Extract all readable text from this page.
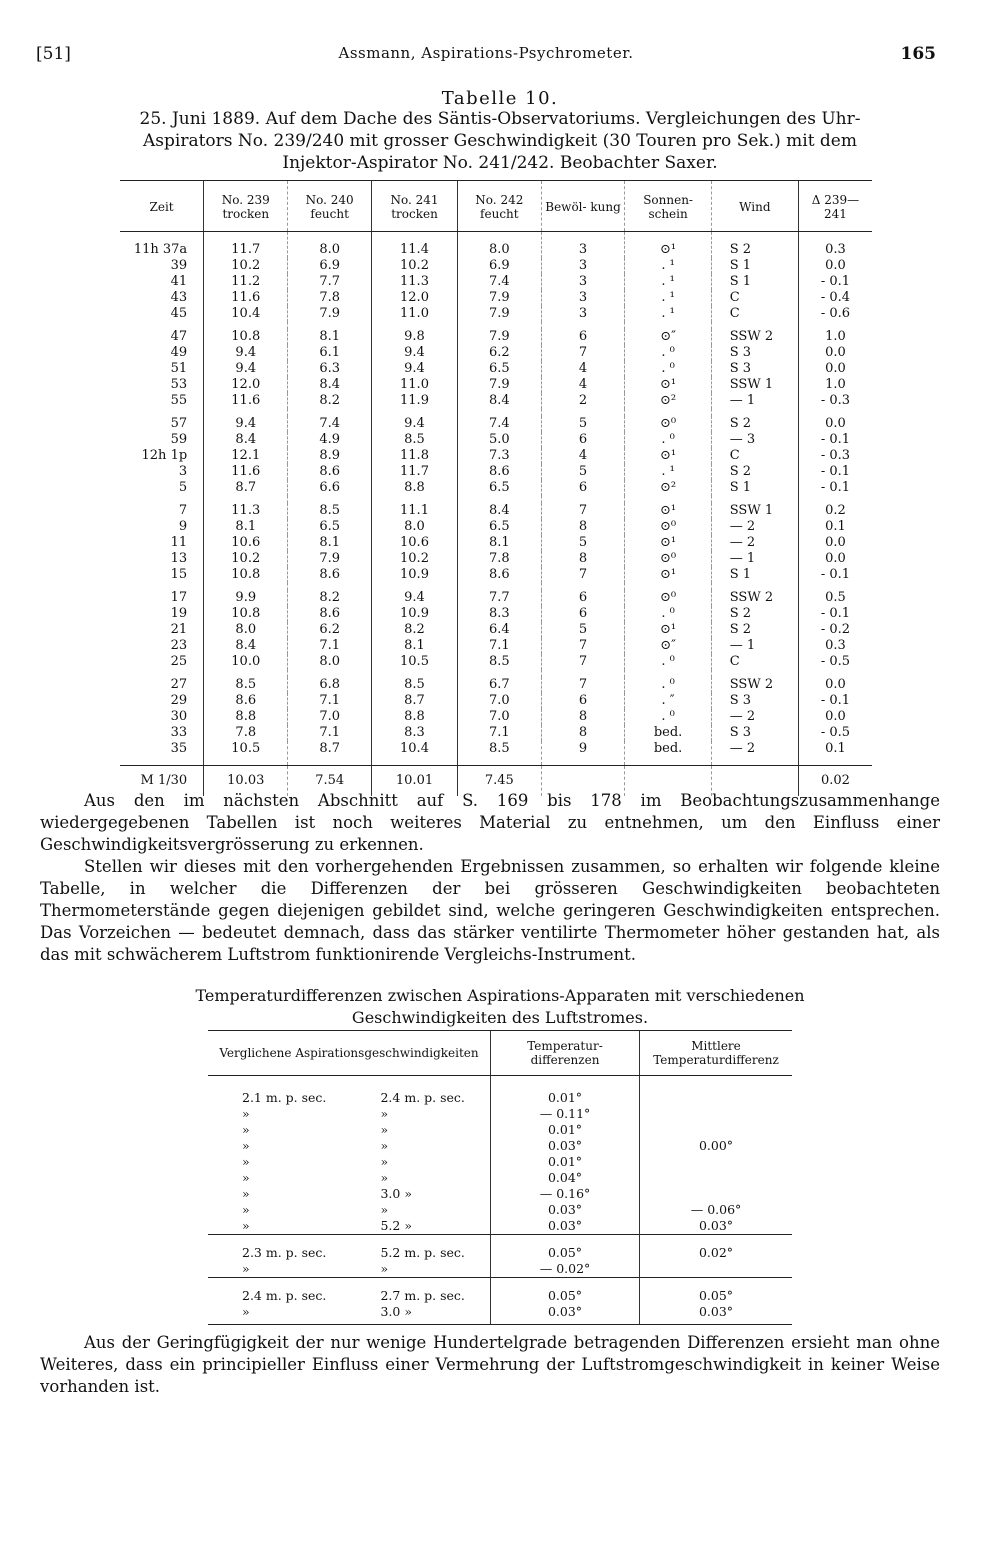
[51]	Assmann, Aspirations-Psychrometer.	165
Tabelle 10.
25. Juni 1889. Auf dem Dache des Säntis-Observatoriums. Vergleichungen des Uhr-Aspirators No. 239/240 mit grosser Geschwindigkeit (30 Touren pro Sek.) mit dem Injektor-Aspirator No. 241/242. Beobachter Saxer.
Zeit	No. 239 trocken	No. 240 feucht	No. 241 trocken	No. 242 feucht	Bewöl- kung	Sonnen- schein	Wind	Δ 239—241
11h 37a	11.7	8.0	11.4	8.0	3	⊙¹	S 2	0.3
39	10.2	6.9	10.2	6.9	3	. ¹	S 1	0.0
41	11.2	7.7	11.3	7.4	3	. ¹	S 1	- 0.1
43	11.6	7.8	12.0	7.9	3	. ¹	C	- 0.4
45	10.4	7.9	11.0	7.9	3	. ¹	C	- 0.6

47	10.8	8.1	9.8	7.9	6	⊙″	SSW 2	1.0
49	9.4	6.1	9.4	6.2	7	. ⁰	S 3	0.0
51	9.4	6.3	9.4	6.5	4	. ⁰	S 3	0.0
53	12.0	8.4	11.0	7.9	4	⊙¹	SSW 1	1.0
55	11.6	8.2	11.9	8.4	2	⊙²	— 1	- 0.3

57	9.4	7.4	9.4	7.4	5	⊙⁰	S 2	0.0
59	8.4	4.9	8.5	5.0	6	. ⁰	— 3	- 0.1
12h 1p	12.1	8.9	11.8	7.3	4	⊙¹	C	- 0.3
3	11.6	8.6	11.7	8.6	5	. ¹	S 2	- 0.1
5	8.7	6.6	8.8	6.5	6	⊙²	S 1	- 0.1

7	11.3	8.5	11.1	8.4	7	⊙¹	SSW 1	0.2
9	8.1	6.5	8.0	6.5	8	⊙⁰	— 2	0.1
11	10.6	8.1	10.6	8.1	5	⊙¹	— 2	0.0
13	10.2	7.9	10.2	7.8	8	⊙⁰	— 1	0.0
15	10.8	8.6	10.9	8.6	7	⊙¹	S 1	- 0.1

17	9.9	8.2	9.4	7.7	6	⊙⁰	SSW 2	0.5
19	10.8	8.6	10.9	8.3	6	. ⁰	S 2	- 0.1
21	8.0	6.2	8.2	6.4	5	⊙¹	S 2	- 0.2
23	8.4	7.1	8.1	7.1	7	⊙″	— 1	0.3
25	10.0	8.0	10.5	8.5	7	. ⁰	C	- 0.5

27	8.5	6.8	8.5	6.7	7	. ⁰	SSW 2	0.0
29	8.6	7.1	8.7	7.0	6	. ″	S 3	- 0.1
30	8.8	7.0	8.8	7.0	8	. ⁰	— 2	0.0
33	7.8	7.1	8.3	7.1	8	bed.	S 3	- 0.5
35	10.5	8.7	10.4	8.5	9	bed.	— 2	0.1
M 1/30	10.03	7.54	10.01	7.45				0.02

Aus den im nächsten Abschnitt auf S. 169 bis 178 im Beobachtungszusammenhange wiedergegebenen Tabellen ist noch weiteres Material zu entnehmen, um den Einfluss einer Geschwindigkeitsvergrösserung zu erkennen.

Stellen wir dieses mit den vorhergehenden Ergebnissen zusammen, so erhalten wir folgende kleine Tabelle, in welcher die Differenzen der bei grösseren Geschwindigkeiten beobachteten Thermometerstände gegen diejenigen gebildet sind, welche geringeren Geschwindigkeiten entsprechen. Das Vorzeichen — bedeutet demnach, dass das stärker ventilirte Thermometer höher gestanden hat, als das mit schwächerem Luftstrom funktionirende Vergleichs-Instrument.

Temperaturdifferenzen zwischen Aspirations-Apparaten mit verschiedenen Geschwindigkeiten des Luftstromes.
Verglichene Aspirationsgeschwindigkeiten		Temperatur- differenzen	Mittlere Temperaturdifferenz
2.1 m. p. sec.	2.4 m. p. sec.	0.01°	
»	»	— 0.11°	
»	»	0.01°	
»	»	0.03°	0.00°
»	»	0.01°	
»	»	0.04°	
»	3.0 »	— 0.16°	
»	»	0.03°	— 0.06°
»	5.2 »	0.03°	0.03°
2.3 m. p. sec.	5.2 m. p. sec.	0.05°	0.02°
»	»	— 0.02°	
2.4 m. p. sec.	2.7 m. p. sec.	0.05°	0.05°
»	3.0 »	0.03°	0.03°

Aus der Geringfügigkeit der nur wenige Hundertelgrade betragenden Differenzen ersieht man ohne Weiteres, dass ein principieller Einfluss einer Vermehrung der Luftstromgeschwindigkeit in keiner Weise vorhanden ist.
